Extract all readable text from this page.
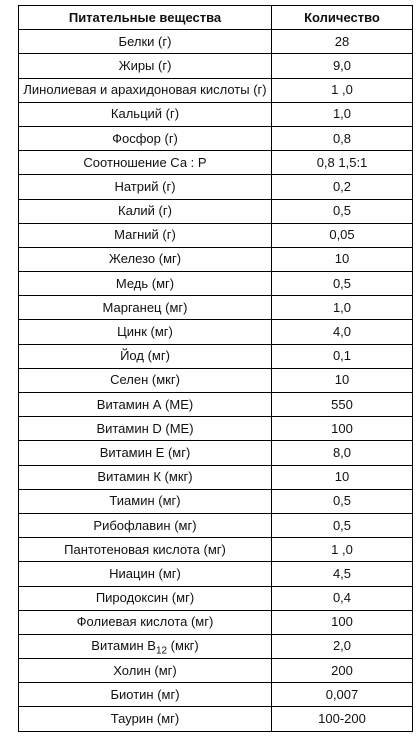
Питательные вещества	Количество
Белки (г)	28
Жиры (г)	9,0
Линолиевая и арахидоновая кислоты (г)	1 ,0
Кальций (г)	1,0
Фосфор (г)	0,8
Соотношение Са : Р	0,8 1,5:1
Натрий (г)	0,2
Калий (г)	0,5
Магний (г)	0,05
Железо (мг)	10
Медь (мг)	0,5
Марганец (мг)	1,0
Цинк (мг)	4,0
Йод (мг)	0,1
Селен (мкг)	10
Витамин А (МЕ)	550
Витамин D (МЕ)	100
Витамин Е (мг)	8,0
Витамин К (мкг)	10
Тиамин (мг)	0,5
Рибофлавин (мг)	0,5
Пантотеновая кислота (мг)	1 ,0
Ниацин (мг)	4,5
Пиродоксин (мг)	0,4
Фолиевая кислота (мг)	100
Витамин $В_{12}$ (мкг)	2,0
Холин (мг)	200
Биотин (мг)	0,007
Таурин (мг)	100-200
